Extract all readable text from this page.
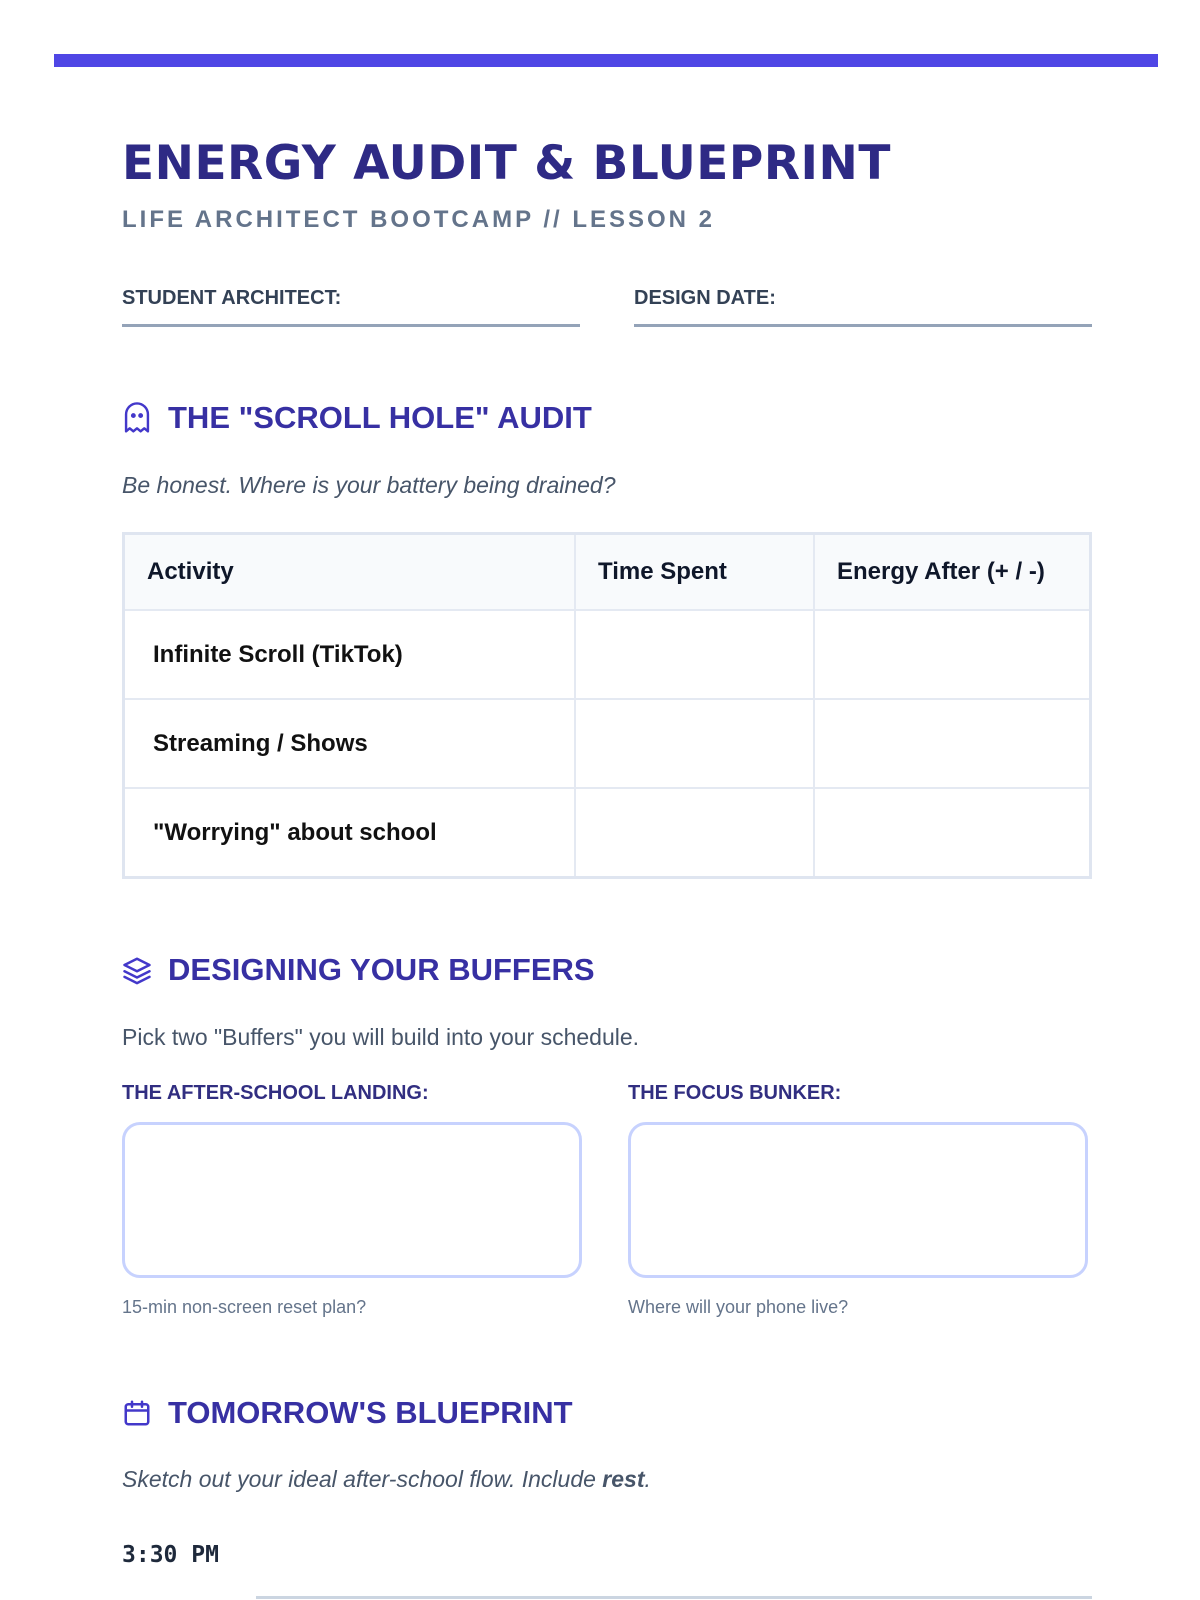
ENERGY AUDIT & BLUEPRINT
LIFE ARCHITECT BOOTCAMP // LESSON 2
STUDENT ARCHITECT:	DESIGN DATE:
THE "SCROLL HOLE" AUDIT
Be honest. Where is your battery being drained?
Activity	Time Spent	Energy After (+ / -)
Infinite Scroll (TikTok)		
Streaming / Shows		
"Worrying" about school		
DESIGNING YOUR BUFFERS
Pick two "Buffers" you will build into your schedule.
THE AFTER-SCHOOL LANDING:
15-min non-screen reset plan?
THE FOCUS BUNKER:
Where will your phone live?
TOMORROW'S BLUEPRINT
Sketch out your ideal after-school flow. Include rest.
3:30 PM
